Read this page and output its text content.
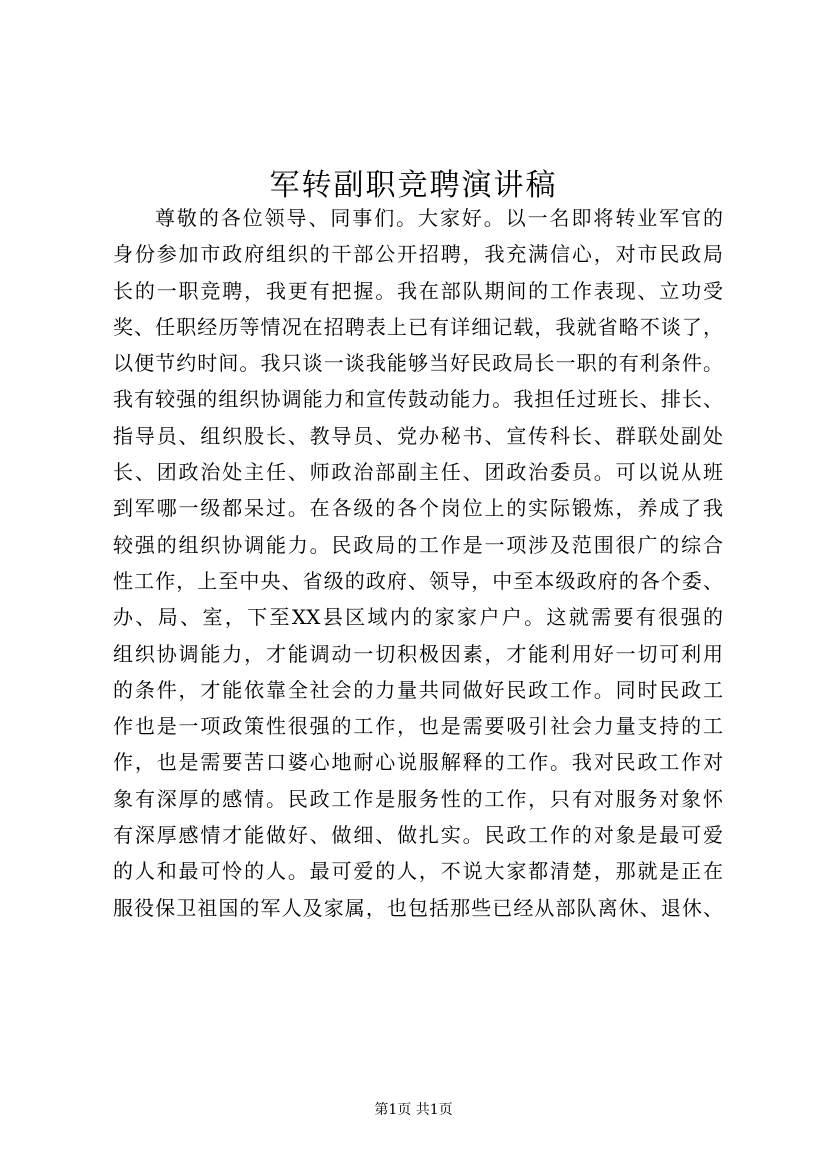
军转副职竞聘演讲稿
尊敬的各位领导、同事们。大家好。以一名即将转业军官的
身份参加市政府组织的干部公开招聘，我充满信心，对市民政局
长的一职竞聘，我更有把握。我在部队期间的工作表现、立功受
奖、任职经历等情况在招聘表上已有详细记载，我就省略不谈了，
以便节约时间。我只谈一谈我能够当好民政局长一职的有利条件。
我有较强的组织协调能力和宣传鼓动能力。我担任过班长、排长、
指导员、组织股长、教导员、党办秘书、宣传科长、群联处副处
长、团政治处主任、师政治部副主任、团政治委员。可以说从班
到军哪一级都呆过。在各级的各个岗位上的实际锻炼，养成了我
较强的组织协调能力。民政局的工作是一项涉及范围很广的综合
性工作，上至中央、省级的政府、领导，中至本级政府的各个委、
办、局、室，下至XX县区域内的家家户户。这就需要有很强的
组织协调能力，才能调动一切积极因素，才能利用好一切可利用
的条件，才能依靠全社会的力量共同做好民政工作。同时民政工
作也是一项政策性很强的工作，也是需要吸引社会力量支持的工
作，也是需要苦口婆心地耐心说服解释的工作。我对民政工作对
象有深厚的感情。民政工作是服务性的工作，只有对服务对象怀
有深厚感情才能做好、做细、做扎实。民政工作的对象是最可爱
的人和最可怜的人。最可爱的人，不说大家都清楚，那就是正在
服役保卫祖国的军人及家属，也包括那些已经从部队离休、退休、
第1页 共1页
